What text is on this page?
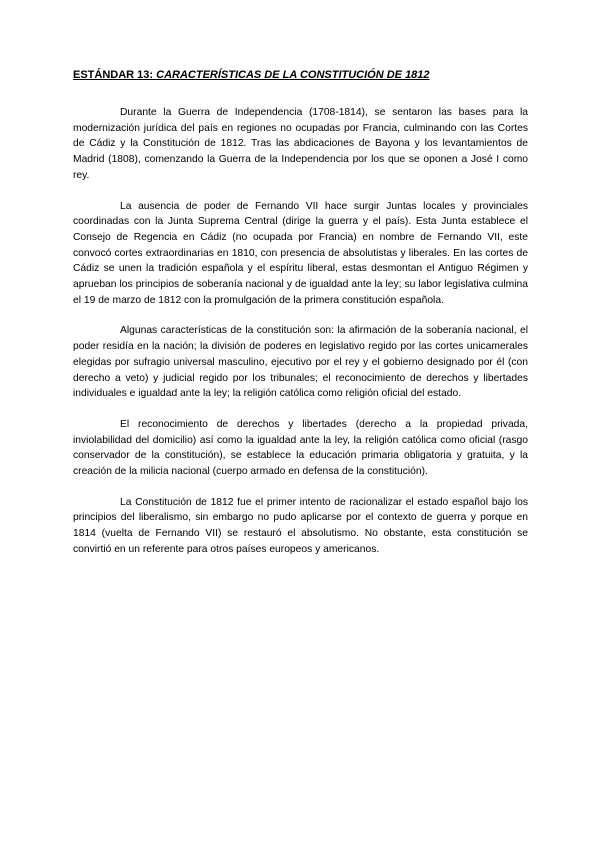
ESTÁNDAR 13: CARACTERÍSTICAS DE LA CONSTITUCIÓN DE 1812

Durante la Guerra de Independencia (1708-1814), se sentaron las bases para la modernización jurídica del país en regiones no ocupadas por Francia, culminando con las Cortes de Cádiz y la Constitución de 1812. Tras las abdicaciones de Bayona y los levantamientos de Madrid (1808), comenzando la Guerra de la Independencia por los que se oponen a José I como rey.

La ausencia de poder de Fernando VII hace surgir Juntas locales y provinciales coordinadas con la Junta Suprema Central (dirige la guerra y el país). Esta Junta establece el Consejo de Regencia en Cádiz (no ocupada por Francia) en nombre de Fernando VII, este convocó cortes extraordinarias en 1810, con presencia de absolutistas y liberales. En las cortes de Cádiz se unen la tradición española y el espíritu liberal, estas desmontan el Antiguo Régimen y aprueban los principios de soberanía nacional y de igualdad ante la ley; su labor legislativa culmina el 19 de marzo de 1812 con la promulgación de la primera constitución española.

Algunas características de la constitución son: la afirmación de la soberanía nacional, el poder residía en la nación; la división de poderes en legislativo regido por las cortes unicamerales elegidas por sufragio universal masculino, ejecutivo por el rey y el gobierno designado por él (con derecho a veto) y judicial regido por los tribunales; el reconocimiento de derechos y libertades individuales e igualdad ante la ley; la religión católica como religión oficial del estado.

El reconocimiento de derechos y libertades (derecho a la propiedad privada, inviolabilidad del domicilio) así como la igualdad ante la ley, la religión católica como oficial (rasgo conservador de la constitución), se establece la educación primaria obligatoria y gratuita, y la creación de la milicia nacional (cuerpo armado en defensa de la constitución).

La Constitución de 1812 fue el primer intento de racionalizar el estado español bajo los principios del liberalismo, sin embargo no pudo aplicarse por el contexto de guerra y porque en 1814 (vuelta de Fernando VII) se restauró el absolutismo. No obstante, esta constitución se convirtió en un referente para otros países europeos y americanos.
